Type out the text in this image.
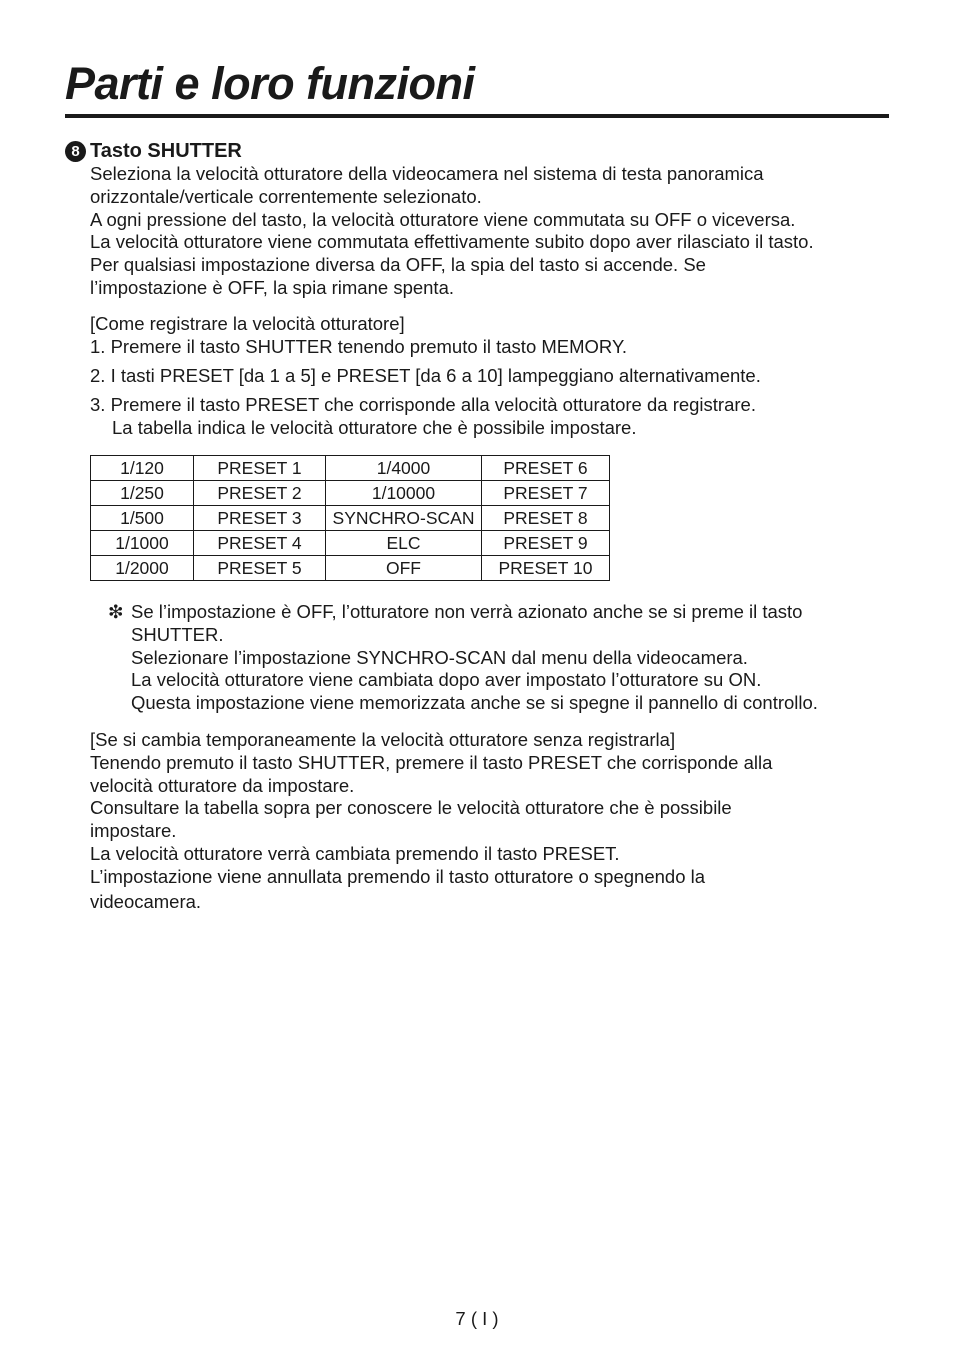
Parti e loro funzioni
8 Tasto SHUTTER

Seleziona la velocità otturatore della videocamera nel sistema di testa panoramica

orizzontale/verticale correntemente selezionato.

A ogni pressione del tasto, la velocità otturatore viene commutata su OFF o viceversa.

La velocità otturatore viene commutata effettivamente subito dopo aver rilasciato il tasto.

Per qualsiasi impostazione diversa da OFF, la spia del tasto si accende. Se

l’impostazione è OFF, la spia rimane spenta.

[Come registrare la velocità otturatore]
1. Premere il tasto SHUTTER tenendo premuto il tasto MEMORY.
2. I tasti PRESET [da 1 a 5] e PRESET [da 6 a 10] lampeggiano alternativamente.
3. Premere il tasto PRESET che corrisponde alla velocità otturatore da registrare.
La tabella indica le velocità otturatore che è possibile impostare.
1/120	PRESET 1	1/4000	PRESET 6
1/250	PRESET 2	1/10000	PRESET 7
1/500	PRESET 3	SYNCHRO-SCAN	PRESET 8
1/1000	PRESET 4	ELC	PRESET 9
1/2000	PRESET 5	OFF	PRESET 10
❇ Se l’impostazione è OFF, l’otturatore non verrà azionato anche se si preme il tasto
SHUTTER.
Selezionare l’impostazione SYNCHRO-SCAN dal menu della videocamera.
La velocità otturatore viene cambiata dopo aver impostato l’otturatore su ON.
Questa impostazione viene memorizzata anche se si spegne il pannello di controllo.

[Se si cambia temporaneamente la velocità otturatore senza registrarla]

Tenendo premuto il tasto SHUTTER, premere il tasto PRESET che corrisponde alla

velocità otturatore da impostare.

Consultare la tabella sopra per conoscere le velocità otturatore che è possibile

impostare.

La velocità otturatore verrà cambiata premendo il tasto PRESET.

L’impostazione viene annullata premendo il tasto otturatore o spegnendo la

videocamera.

7 ( I )
